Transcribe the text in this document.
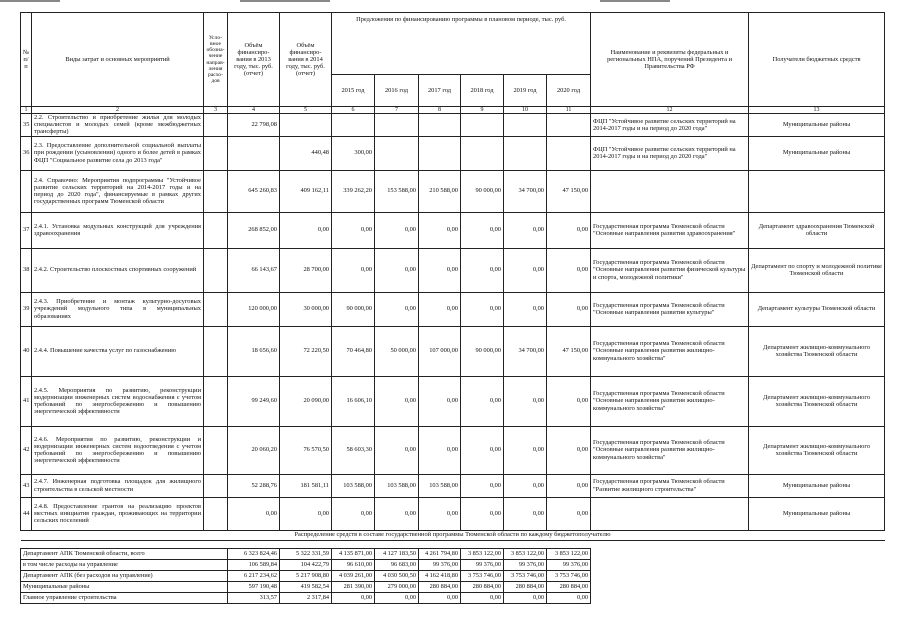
№ п/п	Виды затрат и основных мероприятий	Усло- вное обозна- чение направ- ления расхо- дов	Объём финансиро- вания в 2013 году, тыс. руб. (отчет)	Объём финансиро- вания в 2014 году, тыс. руб. (отчет)	Предложения по финансированию программы в плановом периоде, тыс. руб.						Наименование и реквизиты федеральных и региональных НПА, поручений Президента и Правительства РФ	Получатели бюджетных средств
					2015 год	2016 год	2017 год	2018 год	2019 год	2020 год		
1	2	3	4	5	6	7	8	9	10	11	12	13
35	2.2. Строительство и приобретение жилья для молодых специалистов и молодых семей (кроме межбюджетных трансферты)		22 798,08								ФЦП "Устойчивое развитие сельских территорий на 2014-2017 годы и на период до 2020 года"	Муниципальные районы
36	2.3. Предоставление дополнительной социальной выплаты при рождении (усыновлении) одного и более детей в рамках ФЦП "Социальное развитие села до 2013 года"			440,48	300,00						ФЦП "Устойчивое развитие сельских территорий на 2014-2017 годы и на период до 2020 года"	Муниципальные районы
	2.4. Справочно: Мероприятия подпрограммы "Устойчивое развитие сельских территорий на 2014-2017 годы и на период до 2020 года", финансируемые в рамках других государственных программ Тюменской области		645 260,83	409 162,11	339 262,20	153 588,00	210 588,00	90 000,00	34 700,00	47 150,00		
37	2.4.1. Установка модульных конструкций для учреждения здравоохранения		268 852,00	0,00	0,00	0,00	0,00	0,00	0,00	0,00	Государственная программа Тюменской области "Основные направления развития здравоохранения"	Департамент здравоохранения Тюменской области
38	2.4.2. Строительство плоскостных спортивных сооружений		66 143,67	28 700,00	0,00	0,00	0,00	0,00	0,00	0,00	Государственная программа Тюменской области "Основные направления развития физической культуры и спорта, молодежной политики"	Департамент по спорту и молодежной политике Тюменской области
39	2.4.3. Приобретение и монтаж культурно-досуговых учреждений модульного типа в муниципальных образованиях		120 000,00	30 000,00	90 000,00	0,00	0,00	0,00	0,00	0,00	Государственная программа Тюменской области "Основные направления развития культуры"	Департамент культуры Тюменской области
40	2.4.4. Повышение качества услуг по газоснабжению		18 656,60	72 220,50	70 464,80	50 000,00	107 000,00	90 000,00	34 700,00	47 150,00	Государственная программа Тюменской области "Основные направления развития жилищно-коммунального хозяйства"	Департамент жилищно-коммунального хозяйства Тюменской области
41	2.4.5. Мероприятия по развитию, реконструкции модернизации инженерных систем водоснабжения с учетом требований по энергосбережению и повышению энергетической эффективности		99 249,60	20 090,00	16 606,10	0,00	0,00	0,00	0,00	0,00	Государственная программа Тюменской области "Основные направления развития жилищно-коммунального хозяйства"	Департамент жилищно-коммунального хозяйства Тюменской области
42	2.4.6. Мероприятия по развитию, реконструкции и модернизации инженерных систем водоотведения с учетом требований по энергосбережению и повышению энергетической эффективности		20 060,20	76 570,50	58 603,30	0,00	0,00	0,00	0,00	0,00	Государственная программа Тюменской области "Основные направления развития жилищно-коммунального хозяйства"	Департамент жилищно-коммунального хозяйства Тюменской области
43	2.4.7. Инженерная подготовка площадок для жилищного строительства в сельской местности		52 288,76	181 581,11	103 588,00	103 588,00	103 588,00	0,00	0,00	0,00	Государственная программа Тюменской области "Развитие жилищного строительства"	Муниципальные районы
44	2.4.8. Предоставление грантов на реализацию проектов местных инициатив граждан, проживающих на территории сельских поселений		0,00	0,00	0,00	0,00	0,00	0,00	0,00	0,00		Муниципальные районы
Распределение средств в составе государственной программы Тюменской области по каждому бюджетополучателю												
Департамент АПК Тюменской области, всего	6 323 824,46	5 322 331,59	4 135 871,00	4 127 183,50	4 261 794,80	3 853 122,00	3 853 122,00	3 853 122,00	
в том числе расходы на управление	106 589,84	104 422,79	96 610,00	96 683,00	99 376,00	99 376,00	99 376,00	99 376,00	
Департамент АПК (без расходов на управление)	6 217 234,62	5 217 908,80	4 039 261,00	4 030 500,50	4 162 418,80	3 753 746,00	3 753 746,00	3 753 746,00	
Муниципальные районы	597 190,48	419 582,54	281 390,00	279 000,00	280 884,00	280 884,00	280 884,00	280 884,00	
Главное управление строительства	313,57	2 317,84	0,00	0,00	0,00	0,00	0,00	0,00	
